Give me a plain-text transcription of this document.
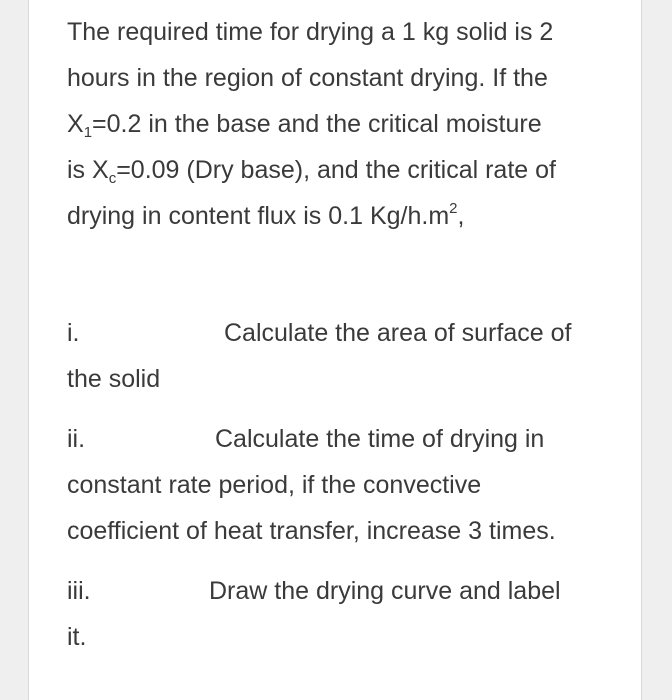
The required time for drying a 1 kg solid is 2
hours in the region of constant drying. If the
$X_1=0.2$ in the base and the critical moisture
is $X_c=0.09$ (Dry base), and the critical rate of
drying in content flux is 0.1 $Kg/h.m^2$,
i.	Calculate the area of surface of
the solid
ii.	Calculate the time of drying in
constant rate period, if the convective
coefficient of heat transfer, increase 3 times.
iii.	Draw the drying curve and label
it.
